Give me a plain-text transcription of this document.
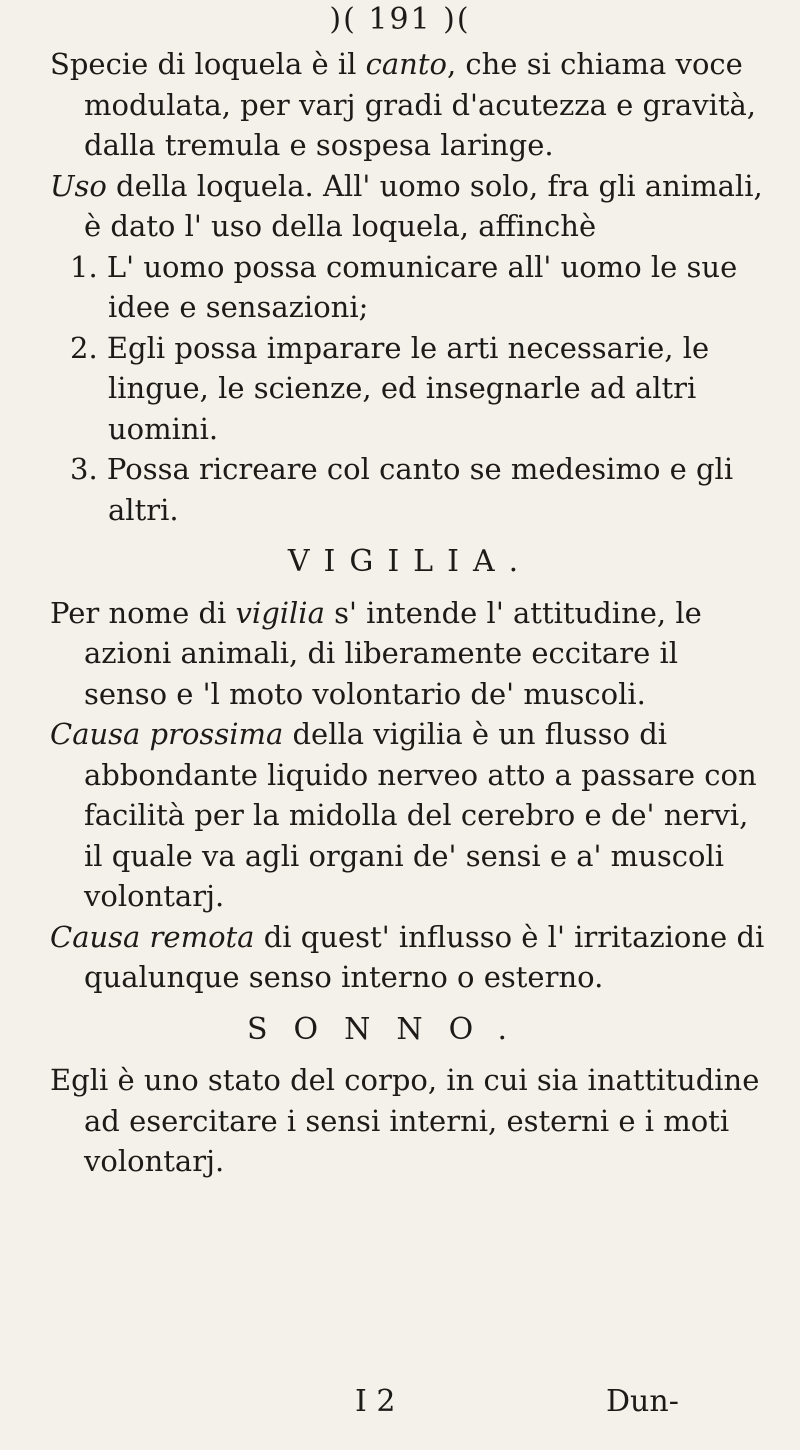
)( 191 )(

Specie di loquela è il canto, che si chiama voce modulata, per varj gradi d'acutezza e gravità, dalla tremula e sospesa laringe.

Uso della loquela. All' uomo solo, fra gli animali, è dato l' uso della loquela, affinchè

1. L' uomo possa comunicare all' uomo le sue idee e sensazioni;

2. Egli possa imparare le arti necessarie, le lingue, le scienze, ed insegnarle ad altri uomini.

3. Possa ricreare col canto se medesimo e gli altri.

VIGILIA.

Per nome di vigilia s' intende l' attitudine, le azioni animali, di liberamente eccitare il senso e 'l moto volontario de' muscoli.

Causa prossima della vigilia è un flusso di abbondante liquido nerveo atto a passare con facilità per la midolla del cerebro e de' nervi, il quale va agli organi de' sensi e a' muscoli volontarj.

Causa remota di quest' influsso è l' irritazione di qualunque senso interno o esterno.

SONNO.

Egli è uno stato del corpo, in cui sia inattitudine ad esercitare i sensi interni, esterni e i moti volontarj.

I 2	Dun-
